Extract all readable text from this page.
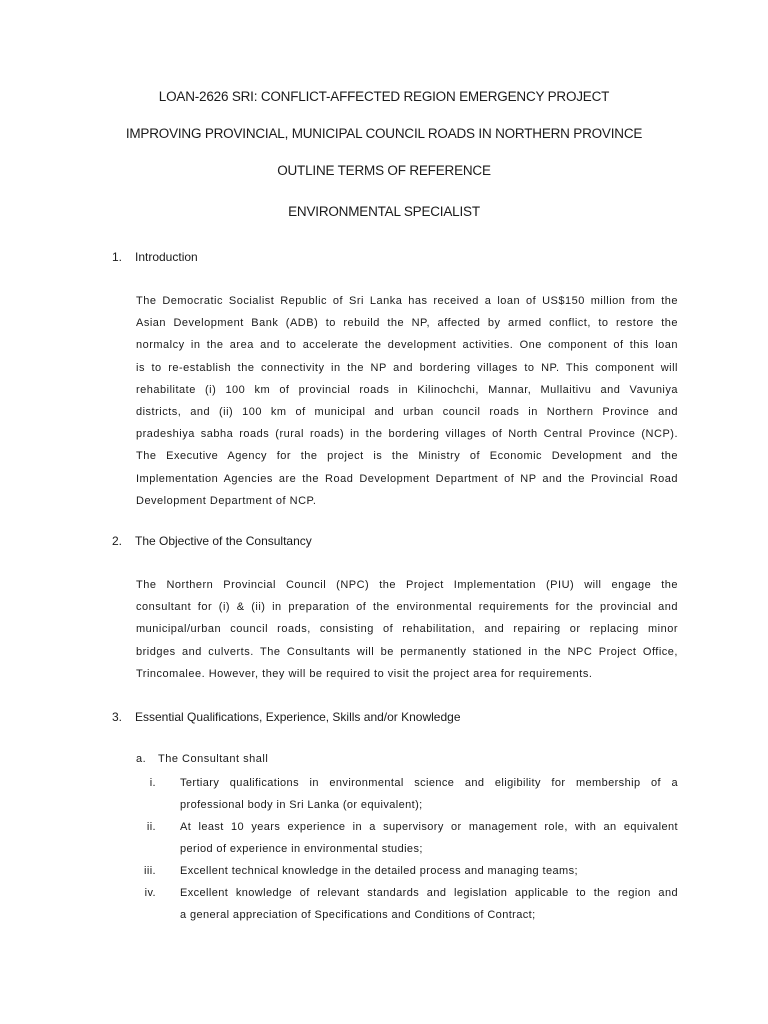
LOAN-2626 SRI: CONFLICT-AFFECTED REGION EMERGENCY PROJECT
IMPROVING PROVINCIAL, MUNICIPAL COUNCIL ROADS IN NORTHERN PROVINCE
OUTLINE TERMS OF REFERENCE
ENVIRONMENTAL SPECIALIST
1. Introduction
The Democratic Socialist Republic of Sri Lanka has received a loan of US$150 million from the
Asian Development Bank (ADB) to rebuild the NP, affected by armed conflict, to restore the
normalcy in the area and to accelerate the development activities. One component of this loan
is to re-establish the connectivity in the NP and bordering villages to NP. This component will
rehabilitate (i) 100 km of provincial roads in Kilinochchi, Mannar, Mullaitivu and Vavuniya
districts, and (ii) 100 km of municipal and urban council roads in Northern Province and
pradeshiya sabha roads (rural roads) in the bordering villages of North Central Province (NCP).
The Executive Agency for the project is the Ministry of Economic Development and the
Implementation Agencies are the Road Development Department of NP and the Provincial Road
Development Department of NCP.
2. The Objective of the Consultancy
The Northern Provincial Council (NPC) the Project Implementation (PIU) will engage the
consultant for (i) & (ii) in preparation of the environmental requirements for the provincial and
municipal/urban council roads, consisting of rehabilitation, and repairing or replacing minor
bridges and culverts. The Consultants will be permanently stationed in the NPC Project Office,
Trincomalee. However, they will be required to visit the project area for requirements.
3. Essential Qualifications, Experience, Skills and/or Knowledge
a. The Consultant shall
i. Tertiary qualifications in environmental science and eligibility for membership of a
professional body in Sri Lanka (or equivalent);
ii. At least 10 years experience in a supervisory or management role, with an equivalent
period of experience in environmental studies;
iii. Excellent technical knowledge in the detailed process and managing teams;
iv. Excellent knowledge of relevant standards and legislation applicable to the region and
a general appreciation of Specifications and Conditions of Contract;
